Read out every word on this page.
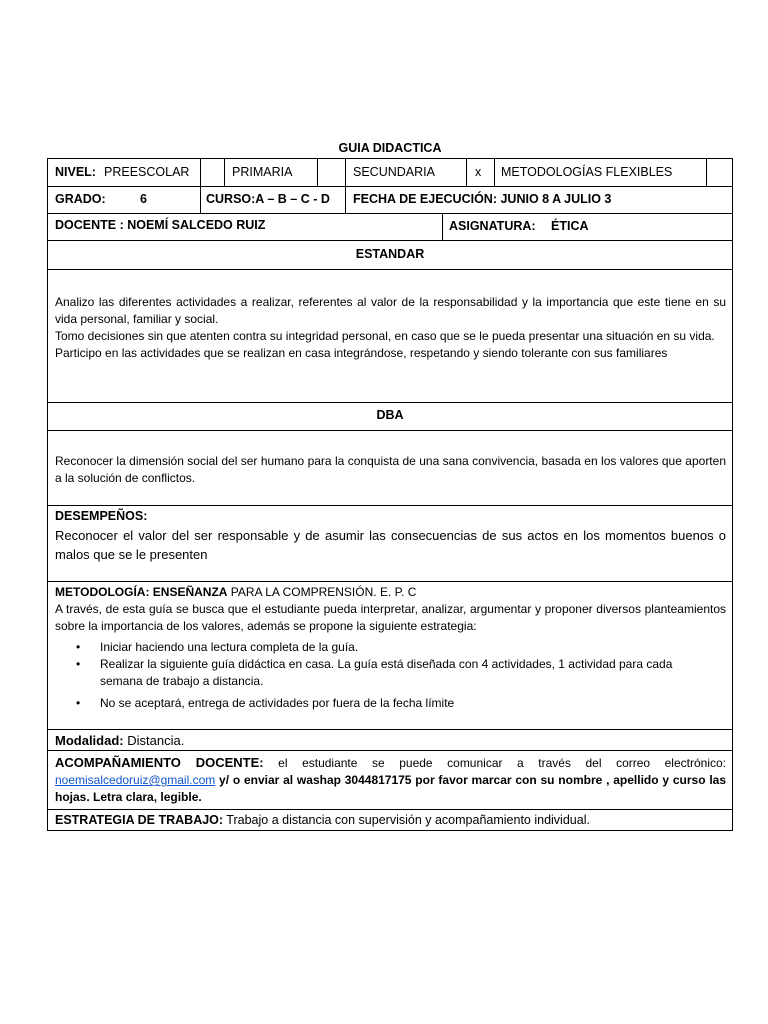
GUIA DIDACTICA
NIVEL: PREESCOLAR	PRIMARIA	SECUNDARIA	x METODOLOGÍAS FLEXIBLES
GRADO:	6	CURSO:A – B – C - D FECHA DE EJECUCIÓN: JUNIO 8 A JULIO 3
DOCENTE : NOEMÍ SALCEDO RUIZ	ASIGNATURA: ÉTICA
ESTANDAR

Analizo las diferentes actividades a realizar, referentes al valor de la responsabilidad y la importancia que este tiene en su vida personal, familiar y social.

Tomo decisiones sin que atenten contra su integridad personal, en caso que se le pueda presentar una situación en su vida.

Participo en las actividades que se realizan en casa integrándose, respetando y siendo tolerante con sus familiares

DBA
Reconocer la dimensión social del ser humano para la conquista de una sana convivencia, basada en los valores que aporten a la solución de conflictos.
DESEMPEÑOS:
Reconocer el valor del ser responsable y de asumir las consecuencias de sus actos en los momentos buenos o malos que se le presenten
METODOLOGÍA: ENSEÑANZA PARA LA COMPRENSIÓN. E. P. C
A través, de esta guía se busca que el estudiante pueda interpretar, analizar, argumentar y proponer diversos planteamientos sobre la importancia de los valores, además se propone la siguiente estrategia:
• Iniciar haciendo una lectura completa de la guía.
• Realizar la siguiente guía didáctica en casa. La guía está diseñada con 4 actividades, 1 actividad para cada semana de trabajo a distancia.
• No se aceptará, entrega de actividades por fuera de la fecha límite
Modalidad: Distancia.
ACOMPAÑAMIENTO DOCENTE: el estudiante se puede comunicar a través del correo electrónico: noemisalcedoruiz@gmail.com y/ o enviar al washap 3044817175 por favor marcar con su nombre , apellido y curso las hojas. Letra clara, legible.
ESTRATEGIA DE TRABAJO: Trabajo a distancia con supervisión y acompañamiento individual.
